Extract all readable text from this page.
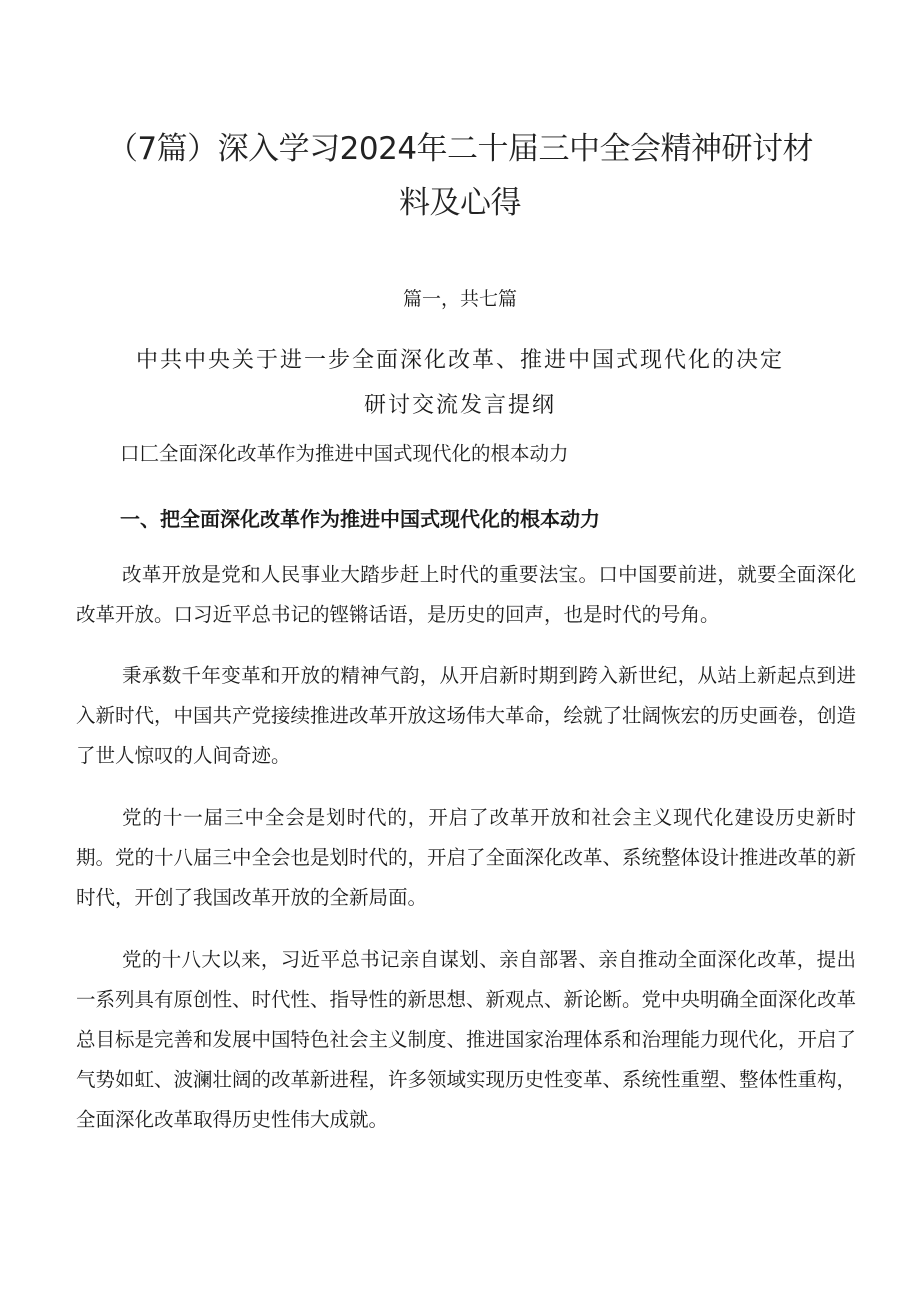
（7篇）深入学习2024年二十届三中全会精神研讨材
料及心得
篇一，共七篇
中共中央关于进一步全面深化改革、推进中国式现代化的决定
研讨交流发言提纲
口匚全面深化改革作为推进中国式现代化的根本动力
一、把全面深化改革作为推进中国式现代化的根本动力

改革开放是党和人民事业大踏步赶上时代的重要法宝。口中国要前进，就要全面深化改革开放。口习近平总书记的铿锵话语，是历史的回声，也是时代的号角。

秉承数千年变革和开放的精神气韵，从开启新时期到跨入新世纪，从站上新起点到进入新时代，中国共产党接续推进改革开放这场伟大革命，绘就了壮阔恢宏的历史画卷，创造了世人惊叹的人间奇迹。

党的十一届三中全会是划时代的，开启了改革开放和社会主义现代化建设历史新时期。党的十八届三中全会也是划时代的，开启了全面深化改革、系统整体设计推进改革的新时代，开创了我国改革开放的全新局面。

党的十八大以来，习近平总书记亲自谋划、亲自部署、亲自推动全面深化改革，提出一系列具有原创性、时代性、指导性的新思想、新观点、新论断。党中央明确全面深化改革总目标是完善和发展中国特色社会主义制度、推进国家治理体系和治理能力现代化，开启了气势如虹、波澜壮阔的改革新进程，许多领域实现历史性变革、系统性重塑、整体性重构，全面深化改革取得历史性伟大成就。
